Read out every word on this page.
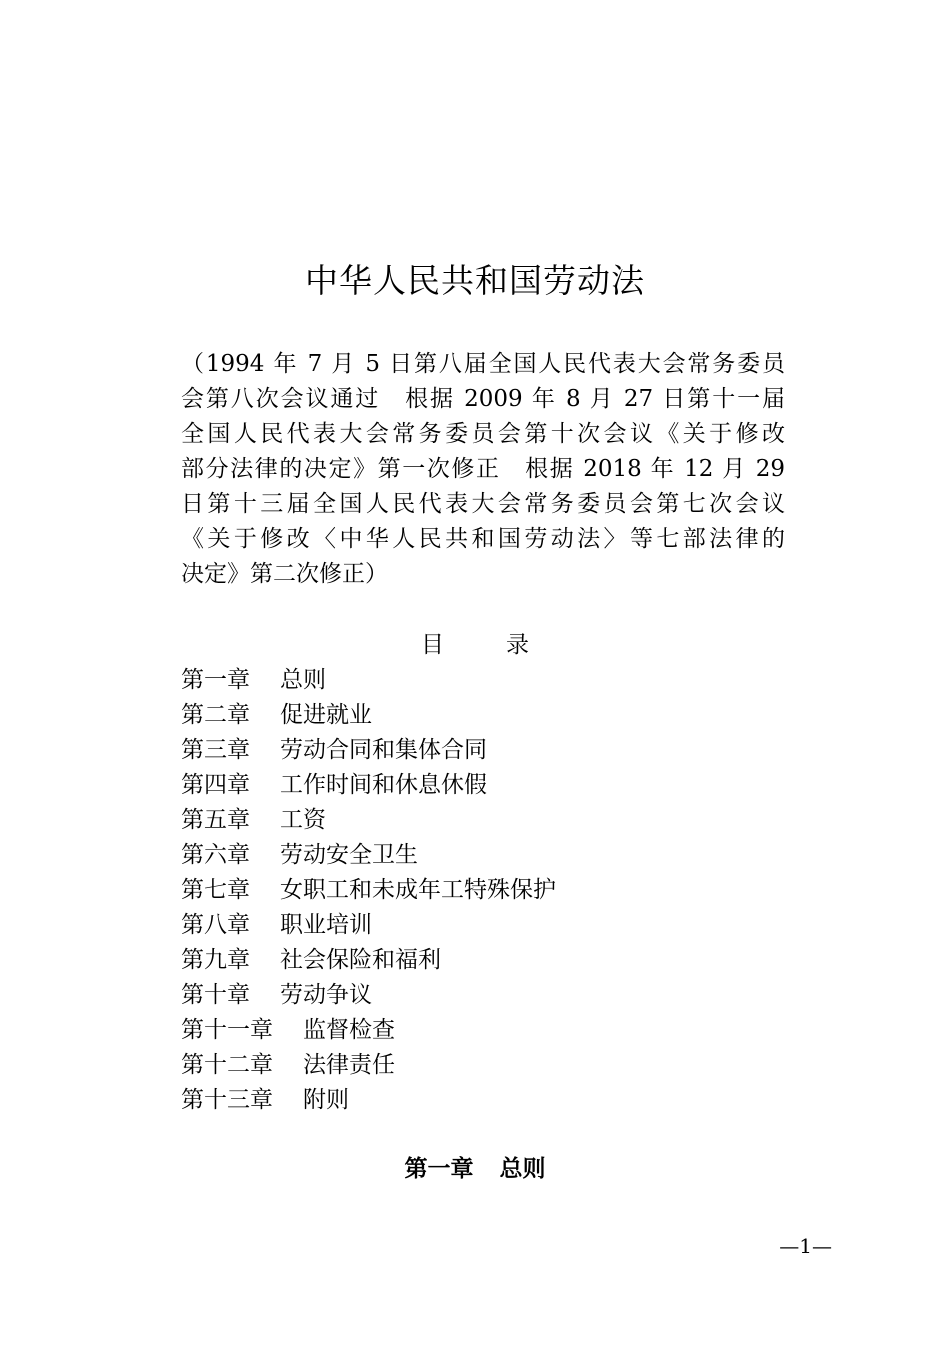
中华人民共和国劳动法
（1994 年 7 月 5 日第八届全国人民代表大会常务委员
会第八次会议通过　根据 2009 年 8 月 27 日第十一届
全国人民代表大会常务委员会第十次会议《关于修改
部分法律的决定》第一次修正　根据 2018 年 12 月 29
日第十三届全国人民代表大会常务委员会第七次会议
《关于修改〈中华人民共和国劳动法〉等七部法律的
决定》第二次修正）
目	录
第一章 总则
第二章 促进就业
第三章 劳动合同和集体合同
第四章 工作时间和休息休假
第五章 工资
第六章 劳动安全卫生
第七章 女职工和未成年工特殊保护
第八章 职业培训
第九章 社会保险和福利
第十章 劳动争议
第十一章 监督检查
第十二章 法律责任
第十三章 附则
第一章 总则
—1—
